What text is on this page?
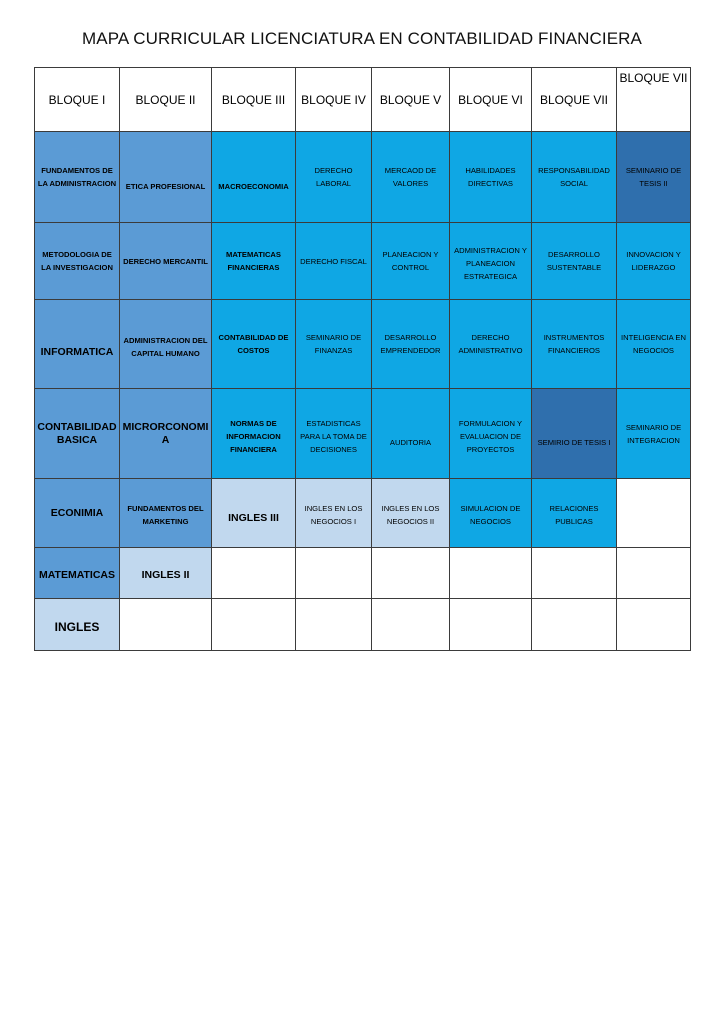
MAPA CURRICULAR LICENCIATURA EN CONTABILIDAD FINANCIERA
BLOQUE I	BLOQUE II	BLOQUE III	BLOQUE IV	BLOQUE V	BLOQUE VI	BLOQUE VII	BLOQUE VII
FUNDAMENTOS DE LA ADMINISTRACION	ETICA PROFESIONAL	MACROECONOMIA	DERECHO LABORAL	MERCAOD DE VALORES	HABILIDADES DIRECTIVAS	RESPONSABILIDAD SOCIAL	SEMINARIO DE TESIS II
METODOLOGIA DE LA INVESTIGACION	DERECHO MERCANTIL	MATEMATICAS FINANCIERAS	DERECHO FISCAL	PLANEACION Y CONTROL	ADMINISTRACION Y PLANEACION ESTRATEGICA	DESARROLLO SUSTENTABLE	INNOVACION Y LIDERAZGO
INFORMATICA	ADMINISTRACION DEL CAPITAL HUMANO	CONTABILIDAD DE COSTOS	SEMINARIO DE FINANZAS	DESARROLLO EMPRENDEDOR	DERECHO ADMINISTRATIVO	INSTRUMENTOS FINANCIEROS	INTELIGENCIA EN NEGOCIOS
CONTABILIDAD BASICA	MICRORCONOMIA	NORMAS DE INFORMACION FINANCIERA	ESTADISTICAS PARA LA TOMA DE DECISIONES	AUDITORIA	FORMULACION Y EVALUACION DE PROYECTOS	SEMIRIO DE TESIS I	SEMINARIO DE INTEGRACION
ECONIMIA	FUNDAMENTOS DEL MARKETING	INGLES III	INGLES EN LOS NEGOCIOS I	INGLES EN LOS NEGOCIOS II	SIMULACION DE NEGOCIOS	RELACIONES PUBLICAS	
MATEMATICAS	INGLES II						
INGLES							
